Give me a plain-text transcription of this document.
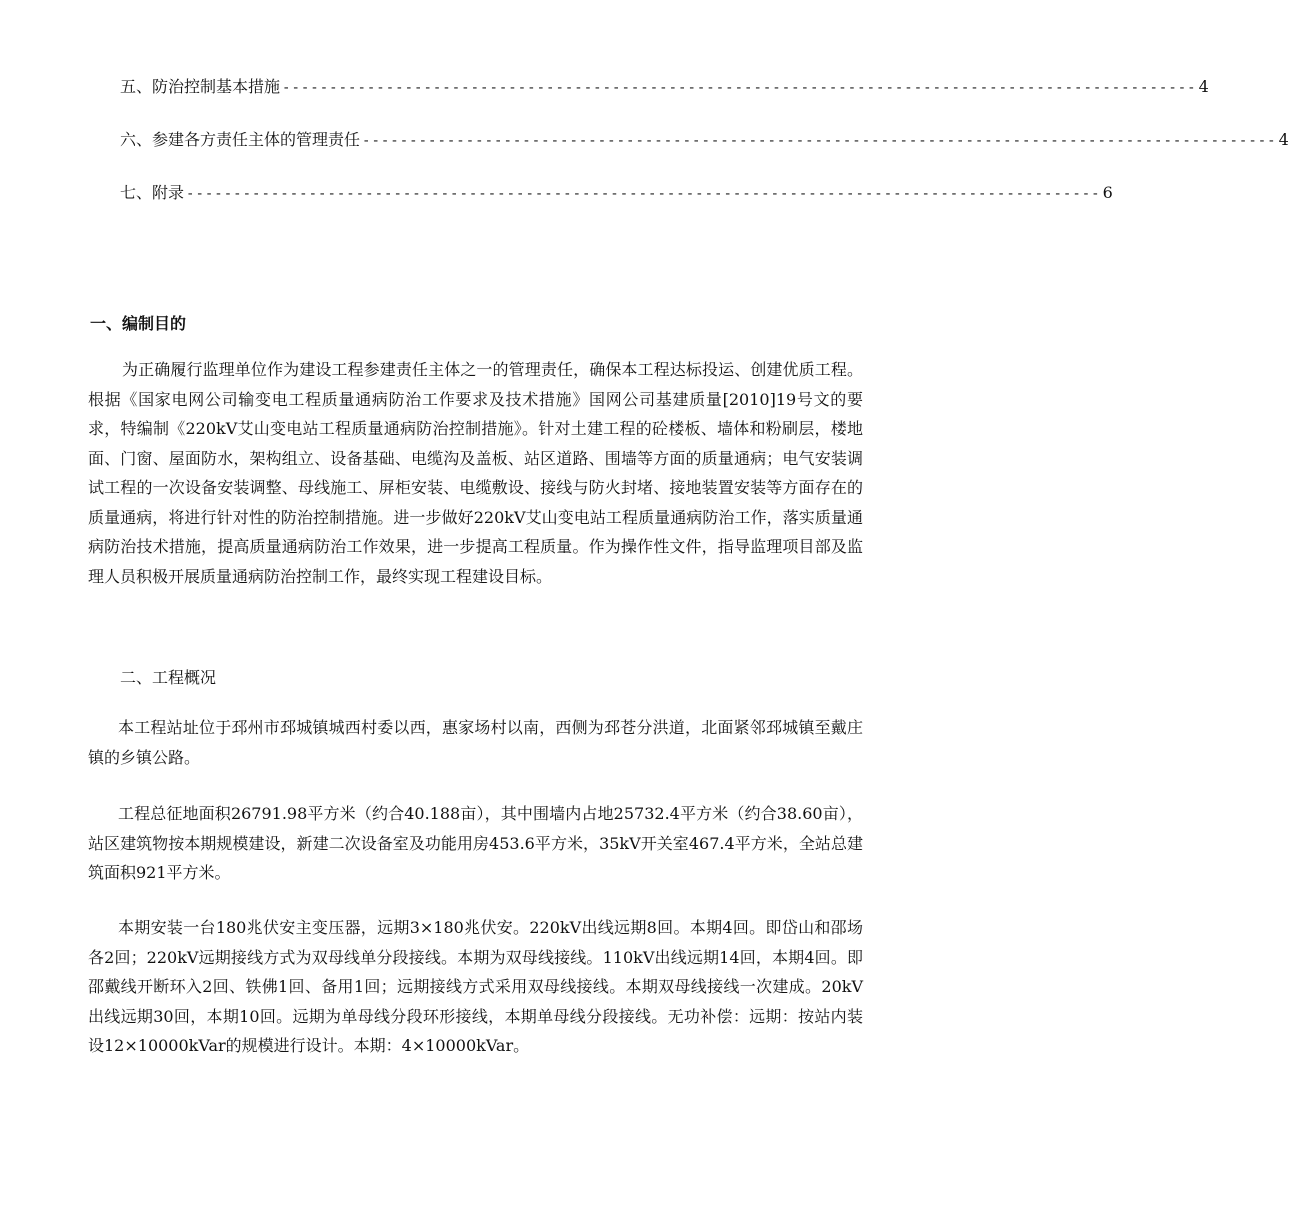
五、防治控制基本措施 ------------------------------------------------------------------------------------------------- 4
六、参建各方责任主体的管理责任 ------------------------------------------------------------------------------------------------- 4
七、附录 ------------------------------------------------------------------------------------------------- 6
一、编制目的
为正确履行监理单位作为建设工程参建责任主体之一的管理责任，确保本工程达标投运、创建优质工程。根据《国家电网公司输变电工程质量通病防治工作要求及技术措施》国网公司基建质量[2010]19号文的要求，特编制《220kV艾山变电站工程质量通病防治控制措施》。针对土建工程的砼楼板、墙体和粉刷层，楼地面、门窗、屋面防水，架构组立、设备基础、电缆沟及盖板、站区道路、围墙等方面的质量通病；电气安装调试工程的一次设备安装调整、母线施工、屏柜安装、电缆敷设、接线与防火封堵、接地装置安装等方面存在的质量通病，将进行针对性的防治控制措施。进一步做好220kV艾山变电站工程质量通病防治工作，落实质量通病防治技术措施，提高质量通病防治工作效果，进一步提高工程质量。作为操作性文件，指导监理项目部及监理人员积极开展质量通病防治控制工作，最终实现工程建设目标。
二、工程概况
本工程站址位于邳州市邳城镇城西村委以西，惠家场村以南，西侧为邳苍分洪道，北面紧邻邳城镇至戴庄镇的乡镇公路。
工程总征地面积26791.98平方米（约合40.188亩），其中围墙内占地25732.4平方米（约合38.60亩），站区建筑物按本期规模建设，新建二次设备室及功能用房453.6平方米，35kV开关室467.4平方米，全站总建筑面积921平方米。
本期安装一台180兆伏安主变压器，远期3×180兆伏安。220kV出线远期8回。本期4回。即岱山和邵场各2回；220kV远期接线方式为双母线单分段接线。本期为双母线接线。110kV出线远期14回，本期4回。即邵戴线开断环入2回、铁佛1回、备用1回；远期接线方式采用双母线接线。本期双母线接线一次建成。20kV出线远期30回，本期10回。远期为单母线分段环形接线，本期单母线分段接线。无功补偿：远期：按站内装设12×10000kVar的规模进行设计。本期：4×10000kVar。
